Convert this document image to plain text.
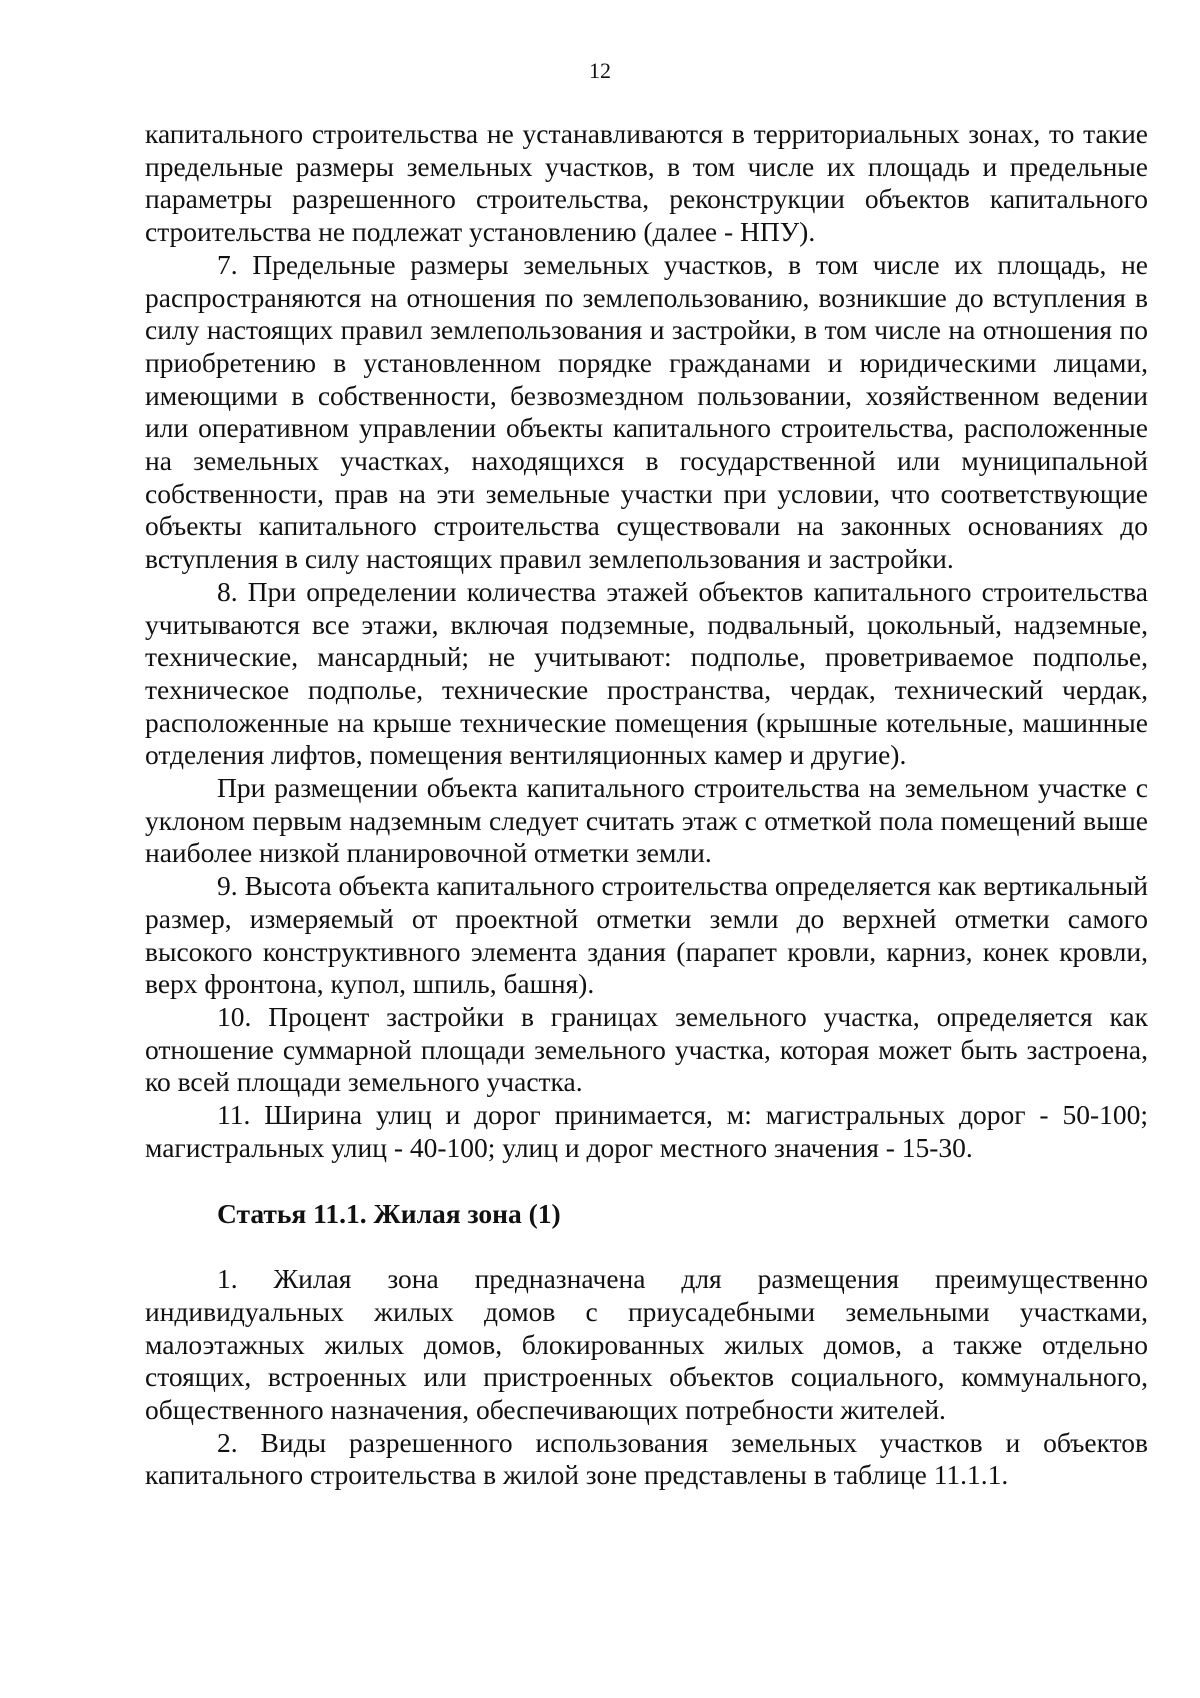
12

капитального строительства не устанавливаются в территориальных зонах, то такие предельные размеры земельных участков, в том числе их площадь и предельные параметры разрешенного строительства, реконструкции объектов капитального строительства не подлежат установлению (далее - НПУ).

7. Предельные размеры земельных участков, в том числе их площадь, не распространяются на отношения по землепользованию, возникшие до вступления в силу настоящих правил землепользования и застройки, в том числе на отношения по приобретению в установленном порядке гражданами и юридическими лицами, имеющими в собственности, безвозмездном пользовании, хозяйственном ведении или оперативном управлении объекты капитального строительства, расположенные на земельных участках, находящихся в государственной или муниципальной собственности, прав на эти земельные участки при условии, что соответствующие объекты капитального строительства существовали на законных основаниях до вступления в силу настоящих правил землепользования и застройки.

8. При определении количества этажей объектов капитального строительства учитываются все этажи, включая подземные, подвальный, цокольный, надземные, технические, мансардный; не учитывают: подполье, проветриваемое подполье, техническое подполье, технические пространства, чердак, технический чердак, расположенные на крыше технические помещения (крышные котельные, машинные отделения лифтов, помещения вентиляционных камер и другие).

При размещении объекта капитального строительства на земельном участке с уклоном первым надземным следует считать этаж с отметкой пола помещений выше наиболее низкой планировочной отметки земли.

9. Высота объекта капитального строительства определяется как вертикальный размер, измеряемый от проектной отметки земли до верхней отметки самого высокого конструктивного элемента здания (парапет кровли, карниз, конек кровли, верх фронтона, купол, шпиль, башня).

10. Процент застройки в границах земельного участка, определяется как отношение суммарной площади земельного участка, которая может быть застроена, ко всей площади земельного участка.

11. Ширина улиц и дорог принимается, м: магистральных дорог - 50-100; магистральных улиц - 40-100; улиц и дорог местного значения - 15-30.

Статья 11.1. Жилая зона (1)

1. Жилая зона предназначена для размещения преимущественно индивидуальных жилых домов с приусадебными земельными участками, малоэтажных жилых домов, блокированных жилых домов, а также отдельно стоящих, встроенных или пристроенных объектов социального, коммунального, общественного назначения, обеспечивающих потребности жителей.

2. Виды разрешенного использования земельных участков и объектов капитального строительства в жилой зоне представлены в таблице 11.1.1.
